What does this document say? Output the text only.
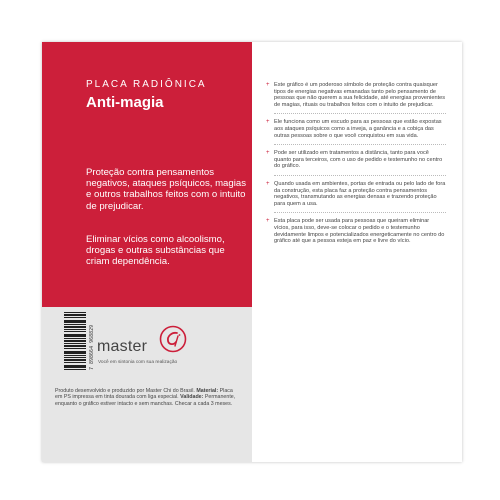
PLACA RADIÔNICA
Anti-magia
Proteção contra pensamentos negativos, ataques psíquicos, magias e outros trabalhos feitos com o intuito de prejudicar.
Eliminar vícios como alcoolismo, drogas e outras substâncias que criam dependência.
7 898664 968829 master
Você em sintonia com sua realização
Produto desenvolvido e produzido por Master Chi do Brasil. Material: Placa em PS impressa em tinta dourada com liga especial. Validade: Permanente, enquanto o gráfico estiver intacto e sem manchas. Checar a cada 3 meses.
+ Este gráfico é um poderoso símbolo de proteção contra quaisquer tipos de energias negativas emanadas tanto pelo pensamento de pessoas que não querem a sua felicidade, até energias provenientes de magias, rituais ou trabalhos feitos com o intuito de prejudicar.
+ Ele funciona como um escudo para as pessoas que estão expostas aos ataques psíquicos como a inveja, a ganância e a cobiça das outras pessoas sobre o que você conquistou em sua vida.
+ Pode ser utilizado em tratamentos a distância, tanto para você quanto para terceiros, com o uso de pedido e testemunho no centro do gráfico.
+ Quando usada em ambientes, portas de entrada ou pelo lado de fora da construção, esta placa faz a proteção contra pensamentos negativos, transmutando as energias densas e trazendo proteção para quem a usa.
+ Esta placa pode ser usada para pessoas que queiram eliminar vícios, para isso, deve-se colocar o pedido e o testemunho devidamente limpos e potencializados energeticamente no centro do gráfico até que a pessoa esteja em paz e livre do vício.
